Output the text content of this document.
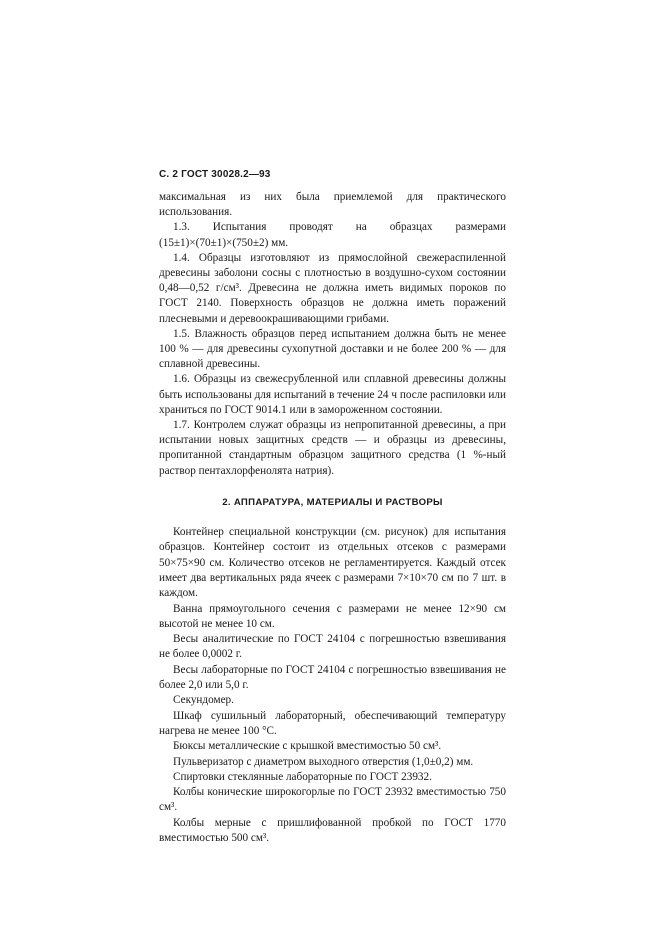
С. 2 ГОСТ 30028.2—93

максимальная из них была приемлемой для практического использования.

1.3. Испытания проводят на образцах размерами (15±1)×(70±1)×(750±2) мм.

1.4. Образцы изготовляют из прямослойной свежераспиленной древесины заболони сосны с плотностью в воздушно-сухом состоянии 0,48—0,52 г/см³. Древесина не должна иметь видимых пороков по ГОСТ 2140. Поверхность образцов не должна иметь поражений плесневыми и деревоокрашивающими грибами.

1.5. Влажность образцов перед испытанием должна быть не менее 100 % — для древесины сухопутной доставки и не более 200 % — для сплавной древесины.

1.6. Образцы из свежесрубленной или сплавной древесины должны быть использованы для испытаний в течение 24 ч после распиловки или храниться по ГОСТ 9014.1 или в замороженном состоянии.

1.7. Контролем служат образцы из непропитанной древесины, а при испытании новых защитных средств — и образцы из древесины, пропитанной стандартным образцом защитного средства (1 %-ный раствор пентахлорфенолята натрия).

2. АППАРАТУРА, МАТЕРИАЛЫ И РАСТВОРЫ

Контейнер специальной конструкции (см. рисунок) для испытания образцов. Контейнер состоит из отдельных отсеков с размерами 50×75×90 см. Количество отсеков не регламентируется. Каждый отсек имеет два вертикальных ряда ячеек с размерами 7×10×70 см по 7 шт. в каждом.

Ванна прямоугольного сечения с размерами не менее 12×90 см высотой не менее 10 см.

Весы аналитические по ГОСТ 24104 с погрешностью взвешивания не более 0,0002 г.

Весы лабораторные по ГОСТ 24104 с погрешностью взвешивания не более 2,0 или 5,0 г.

Секундомер.

Шкаф сушильный лабораторный, обеспечивающий температуру нагрева не менее 100 °С.

Бюксы металлические с крышкой вместимостью 50 см³.

Пульверизатор с диаметром выходного отверстия (1,0±0,2) мм.

Спиртовки стеклянные лабораторные по ГОСТ 23932.

Колбы конические широкогорлые по ГОСТ 23932 вместимостью 750 см³.

Колбы мерные с пришлифованной пробкой по ГОСТ 1770 вместимостью 500 см³.
